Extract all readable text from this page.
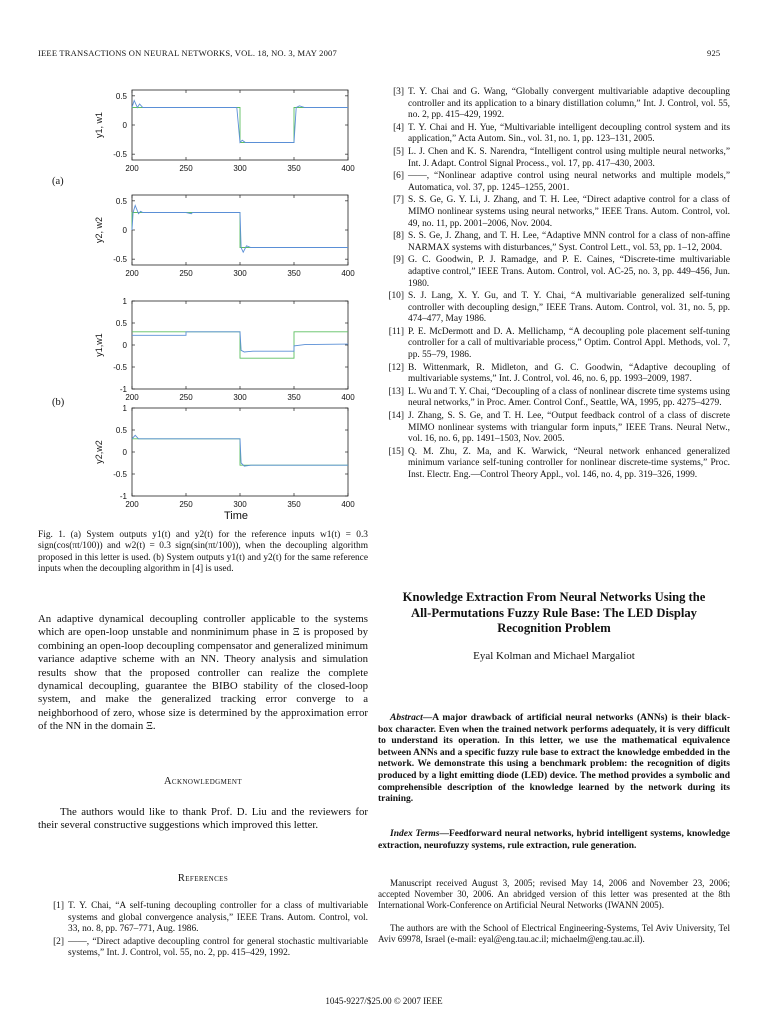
IEEE TRANSACTIONS ON NEURAL NETWORKS, VOL. 18, NO. 3, MAY 2007	925
200	250	300	350	400
0.5
0
-0.5
y1, w1
200	250	300	350	400
0.5
0
-0.5
y2, w2
200	250	300	350	400
1
0.5
0
-0.5
-1
y1,w1
200	250	300	350	400
1
0.5
0
-0.5
-1
y2,w2
(a)
(b)
Time
Fig. 1. (a) System outputs y1(t) and y2(t) for the reference inputs w1(t) = 0.3 sign(cos(πt/100)) and w2(t) = 0.3 sign(sin(πt/100)), when the decoupling algorithm proposed in this letter is used. (b) System outputs y1(t) and y2(t) for the same reference inputs when the decoupling algorithm in [4] is used.
An adaptive dynamical decoupling controller applicable to the systems which are open-loop unstable and nonminimum phase in Ξ is proposed by combining an open-loop decoupling compensator and generalized minimum variance adaptive scheme with an NN. Theory analysis and simulation results show that the proposed controller can realize the complete dynamical decoupling, guarantee the BIBO stability of the closed-loop system, and make the generalized tracking error converge to a neighborhood of zero, whose size is determined by the approximation error of the NN in the domain Ξ.
Acknowledgment
The authors would like to thank Prof. D. Liu and the reviewers for their several constructive suggestions which improved this letter.
References
[1] T. Y. Chai, “A self-tuning decoupling controller for a class of multivariable systems and global convergence analysis,” IEEE Trans. Autom. Control, vol. 33, no. 8, pp. 767–771, Aug. 1986.
[2] ——, “Direct adaptive decoupling control for general stochastic multivariable systems,” Int. J. Control, vol. 55, no. 2, pp. 415–429, 1992.
[3] T. Y. Chai and G. Wang, “Globally convergent multivariable adaptive decoupling controller and its application to a binary distillation column,” Int. J. Control, vol. 55, no. 2, pp. 415–429, 1992.
[4] T. Y. Chai and H. Yue, “Multivariable intelligent decoupling control system and its application,” Acta Autom. Sin., vol. 31, no. 1, pp. 123–131, 2005.
[5] L. J. Chen and K. S. Narendra, “Intelligent control using multiple neural networks,” Int. J. Adapt. Control Signal Process., vol. 17, pp. 417–430, 2003.
[6] ——, “Nonlinear adaptive control using neural networks and multiple models,” Automatica, vol. 37, pp. 1245–1255, 2001.
[7] S. S. Ge, G. Y. Li, J. Zhang, and T. H. Lee, “Direct adaptive control for a class of MIMO nonlinear systems using neural networks,” IEEE Trans. Autom. Control, vol. 49, no. 11, pp. 2001–2006, Nov. 2004.
[8] S. S. Ge, J. Zhang, and T. H. Lee, “Adaptive MNN control for a class of non-affine NARMAX systems with disturbances,” Syst. Control Lett., vol. 53, pp. 1–12, 2004.
[9] G. C. Goodwin, P. J. Ramadge, and P. E. Caines, “Discrete-time multivariable adaptive control,” IEEE Trans. Autom. Control, vol. AC-25, no. 3, pp. 449–456, Jun. 1980.
[10] S. J. Lang, X. Y. Gu, and T. Y. Chai, “A multivariable generalized self-tuning controller with decoupling design,” IEEE Trans. Autom. Control, vol. 31, no. 5, pp. 474–477, May 1986.
[11] P. E. McDermott and D. A. Mellichamp, “A decoupling pole placement self-tuning controller for a call of multivariable process,” Optim. Control Appl. Methods, vol. 7, pp. 55–79, 1986.
[12] B. Wittenmark, R. Midleton, and G. C. Goodwin, “Adaptive decoupling of multivariable systems,” Int. J. Control, vol. 46, no. 6, pp. 1993–2009, 1987.
[13] L. Wu and T. Y. Chai, “Decoupling of a class of nonlinear discrete time systems using neural networks,” in Proc. Amer. Control Conf., Seattle, WA, 1995, pp. 4275–4279.
[14] J. Zhang, S. S. Ge, and T. H. Lee, “Output feedback control of a class of discrete MIMO nonlinear systems with triangular form inputs,” IEEE Trans. Neural Netw., vol. 16, no. 6, pp. 1491–1503, Nov. 2005.
[15] Q. M. Zhu, Z. Ma, and K. Warwick, “Neural network enhanced generalized minimum variance self-tuning controller for nonlinear discrete-time systems,” Proc. Inst. Electr. Eng.—Control Theory Appl., vol. 146, no. 4, pp. 319–326, 1999.
Knowledge Extraction From Neural Networks Using the
All-Permutations Fuzzy Rule Base: The LED Display
Recognition Problem
Eyal Kolman and Michael Margaliot
Abstract—A major drawback of artificial neural networks (ANNs) is their black-box character. Even when the trained network performs adequately, it is very difficult to understand its operation. In this letter, we use the mathematical equivalence between ANNs and a specific fuzzy rule base to extract the knowledge embedded in the network. We demonstrate this using a benchmark problem: the recognition of digits produced by a light emitting diode (LED) device. The method provides a symbolic and comprehensible description of the knowledge learned by the network during its training.
Index Terms—Feedforward neural networks, hybrid intelligent systems, knowledge extraction, neurofuzzy systems, rule extraction, rule generation.
Manuscript received August 3, 2005; revised May 14, 2006 and November 23, 2006; accepted November 30, 2006. An abridged version of this letter was presented at the 8th International Work-Conference on Artificial Neural Networks (IWANN 2005).
The authors are with the School of Electrical Engineering-Systems, Tel Aviv University, Tel Aviv 69978, Israel (e-mail: eyal@eng.tau.ac.il; michaelm@eng.tau.ac.il).
1045-9227/$25.00 © 2007 IEEE
